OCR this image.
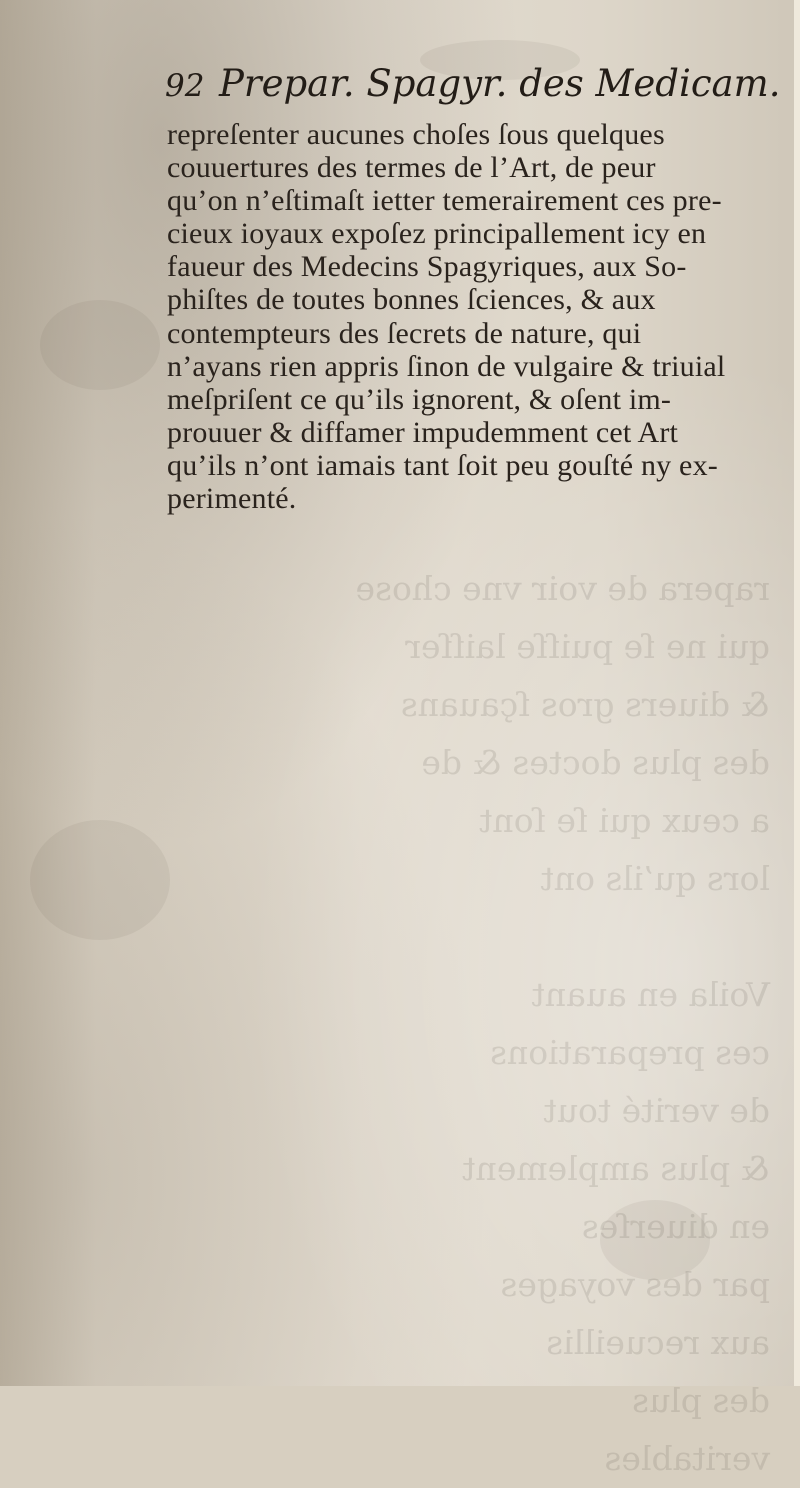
rapera de voir vne chose
qui ne ſe puiſſe laiſſer
& diuers gros ſçauans
des plus doctes & de
a ceux qui ſe ſont
lors qu’ils ont

Voila en auant
ces preparations
de verité tout
& plus amplement
en diuerſes
par des voyages
aux recueillis
des plus
veritables
92 Prepar. Spagyr. des Medicam.
repreſenter aucunes choſes ſous quelques
couuertures des termes de l’Art, de peur
qu’on n’eſtimaſt ietter temerairement ces pre-
cieux ioyaux expoſez principallement icy en
faueur des Medecins Spagyriques, aux So-
phiſtes de toutes bonnes ſciences, & aux
contempteurs des ſecrets de nature, qui
n’ayans rien appris ſinon de vulgaire & triuial
meſpriſent ce qu’ils ignorent, & oſent im-
prouuer & diffamer impudemment cet Art
qu’ils n’ont iamais tant ſoit peu gouſté ny ex-
perimenté.
